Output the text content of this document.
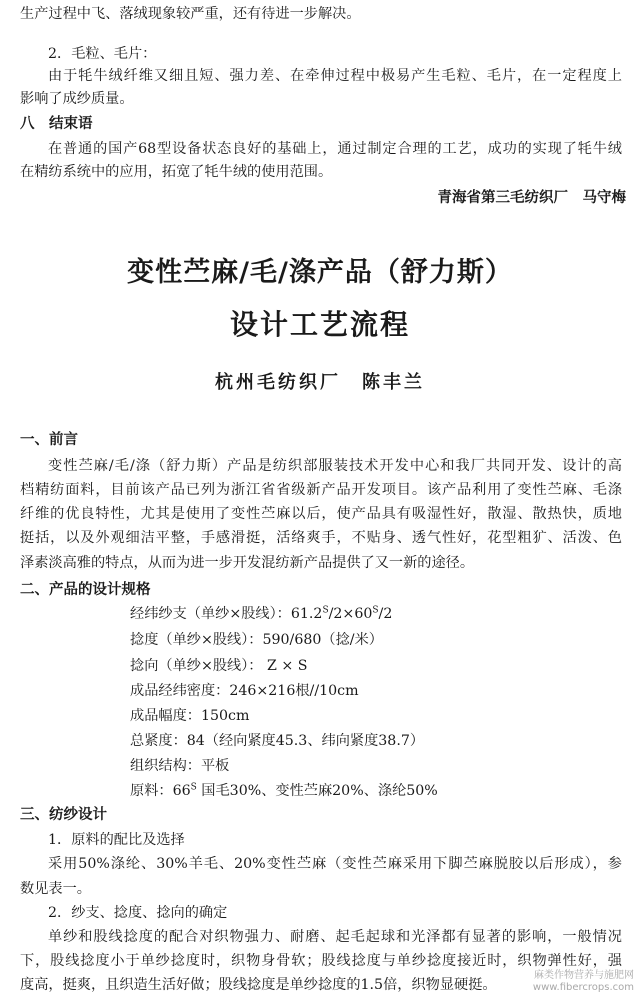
生产过程中飞、落绒现象较严重，还有待进一步解决。
2．毛粒、毛片：
由于牦牛绒纤维又细且短、强力差、在牵伸过程中极易产生毛粒、毛片，在一定程度上
影响了成纱质量。
八　结束语
在普通的国产68型设备状态良好的基础上，通过制定合理的工艺，成功的实现了牦牛绒
在精纺系统中的应用，拓宽了牦牛绒的使用范围。
青海省第三毛纺织厂　马守梅
变性苎麻/毛/涤产品（舒力斯）
设计工艺流程
杭州毛纺织厂　陈丰兰
一、前言
变性苎麻/毛/涤（舒力斯）产品是纺织部服装技术开发中心和我厂共同开发、设计的高
档精纺面料，目前该产品已列为浙江省省级新产品开发项目。该产品利用了变性苎麻、毛涤
纤维的优良特性，尤其是使用了变性苎麻以后，使产品具有吸湿性好，散湿、散热快，质地
挺括，以及外观细洁平整，手感滑挺，活络爽手，不贴身、透气性好，花型粗犷、活泼、色
泽素淡高雅的特点，从而为进一步开发混纺新产品提供了又一新的途径。
二、产品的设计规格
经纬纱支（单纱×股线）：$61.2^S/2\times 60^S/2$
捻度（单纱×股线）：590/680（捻/米）
捻向（单纱×股线）： Z × S
成品经纬密度：246×216根//10cm
成品幅度：150cm
总紧度：84（经向紧度45.3、纬向紧度38.7）
组织结构：平板
原料：$66^S$ 国毛30%、变性苎麻20%、涤纶50%
三、纺纱设计
1．原料的配比及选择
采用50%涤纶、30%羊毛、20%变性苎麻（变性苎麻采用下脚苎麻脱胶以后形成），参
数见表一。
2．纱支、捻度、捻向的确定
单纱和股线捻度的配合对织物强力、耐磨、起毛起球和光泽都有显著的影响，一般情况
下，股线捻度小于单纱捻度时，织物身骨软；股线捻度与单纱捻度接近时，织物弹性好，强
度高，挺爽，且织造生活好做；股线捻度是单纱捻度的1.5倍，织物显硬挺。
麻类作物营养与施肥网
www.fibercrops.com
